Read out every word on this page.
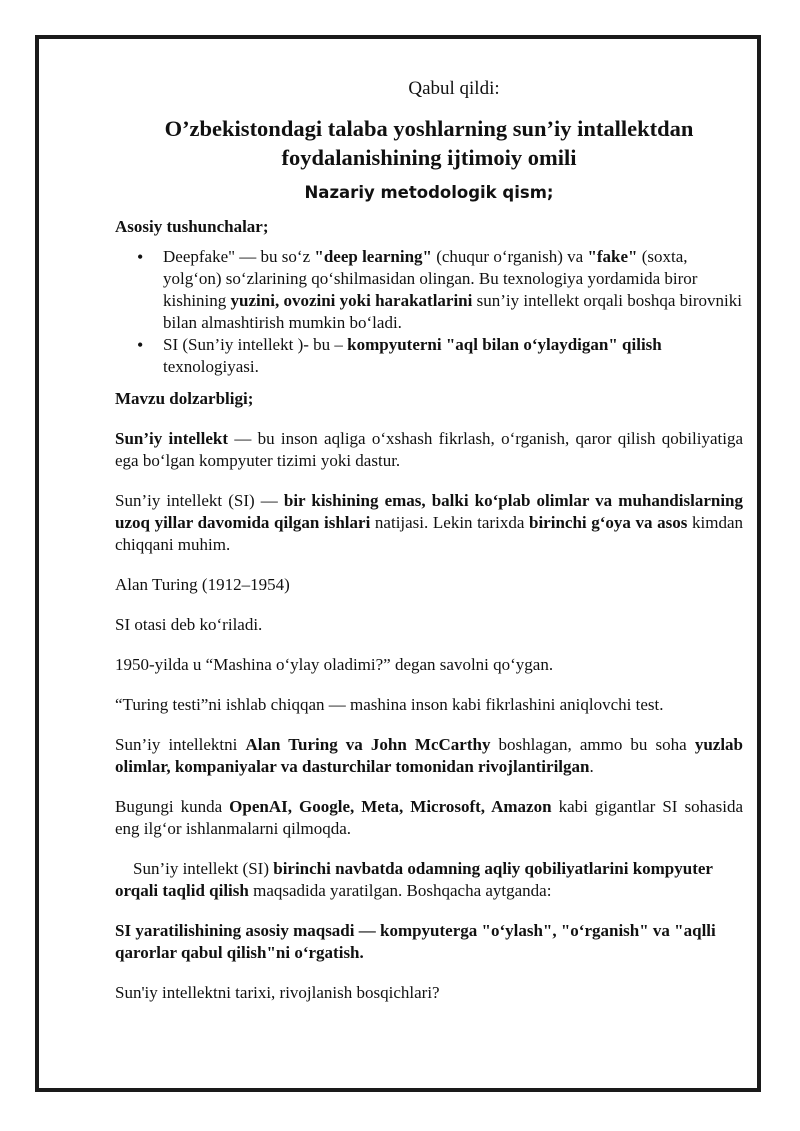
Qabul qildi:
O’zbekistondagi talaba yoshlarning sun’iy intallektdan foydalanishining ijtimoiy omili
Nazariy metodologik qism;
Asosiy tushunchalar;
• Deepfake" — bu so‘z "deep learning" (chuqur o‘rganish) va "fake" (soxta, yolg‘on) so‘zlarining qo‘shilmasidan olingan. Bu texnologiya yordamida biror kishining yuzini, ovozini yoki harakatlarini sun’iy intellekt orqali boshqa birovniki bilan almashtirish mumkin bo‘ladi.
• SI (Sun’iy intellekt )- bu – kompyuterni "aql bilan o‘ylaydigan" qilish texnologiyasi.
Mavzu dolzarbligi;

Sun’iy intellekt — bu inson aqliga o‘xshash fikrlash, o‘rganish, qaror qilish qobiliyatiga ega bo‘lgan kompyuter tizimi yoki dastur.

Sun’iy intellekt (SI) — bir kishining emas, balki ko‘plab olimlar va muhandislarning uzoq yillar davomida qilgan ishlari natijasi. Lekin tarixda birinchi g‘oya va asos kimdan chiqqani muhim.

Alan Turing (1912–1954)

SI otasi deb ko‘riladi.

1950-yilda u “Mashina o‘ylay oladimi?” degan savolni qo‘ygan.

“Turing testi”ni ishlab chiqqan — mashina inson kabi fikrlashini aniqlovchi test.

Sun’iy intellektni Alan Turing va John McCarthy boshlagan, ammo bu soha yuzlab olimlar, kompaniyalar va dasturchilar tomonidan rivojlantirilgan.

Bugungi kunda OpenAI, Google, Meta, Microsoft, Amazon kabi gigantlar SI sohasida eng ilg‘or ishlanmalarni qilmoqda.

Sun’iy intellekt (SI) birinchi navbatda odamning aqliy qobiliyatlarini kompyuter orqali taqlid qilish maqsadida yaratilgan. Boshqacha aytganda:

SI yaratilishining asosiy maqsadi — kompyuterga "o‘ylash", "o‘rganish" va "aqlli qarorlar qabul qilish"ni o‘rgatish.

Sun'iy intellektni tarixi, rivojlanish bosqichlari?
